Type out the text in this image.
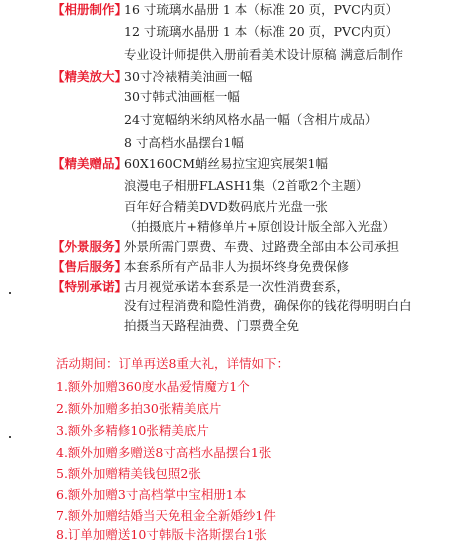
【相册制作】
16 寸琉璃水晶册 1 本（标准 20 页，PVC内页）
12 寸琉璃水晶册 1 本（标准 20 页，PVC内页）
专业设计师提供入册前看美术设计原稿 满意后制作
【精美放大】
30寸冷裱精美油画一幅
30寸韩式油画框一幅
24寸宽幅纳米纳风格水晶一幅（含相片成品）
8 寸高档水晶摆台1幅
【精美赠品】
60X160CM蛸丝易拉宝迎宾展架1幅
浪漫电子相册FLASH1集（2首歌2个主题）
百年好合精美DVD数码底片光盘一张
（拍摄底片+精修单片+原创设计版全部入光盘）
【外景服务】
外景所需门票费、车费、过路费全部由本公司承担
【售后服务】
本套系所有产品非人为损坏终身免费保修
【特别承诺】
古月视觉承诺本套系是一次性消费套系，
没有过程消费和隐性消费，确保你的钱花得明明白白
拍摄当天路程油费、门票费全免
活动期间：订单再送8重大礼，详情如下：
1.额外加赠360度水晶爱情魔方1个
2.额外加赠多拍30张精美底片
3.额外多精修10张精美底片
4.额外加赠多赠送8寸高档水晶摆台1张
5.额外加赠精美钱包照2张
6.额外加赠3寸高档掌中宝相册1本
7.额外加赠结婚当天免租金全新婚纱1件
8.订单加赠送10寸韩版卡洛斯摆台1张
